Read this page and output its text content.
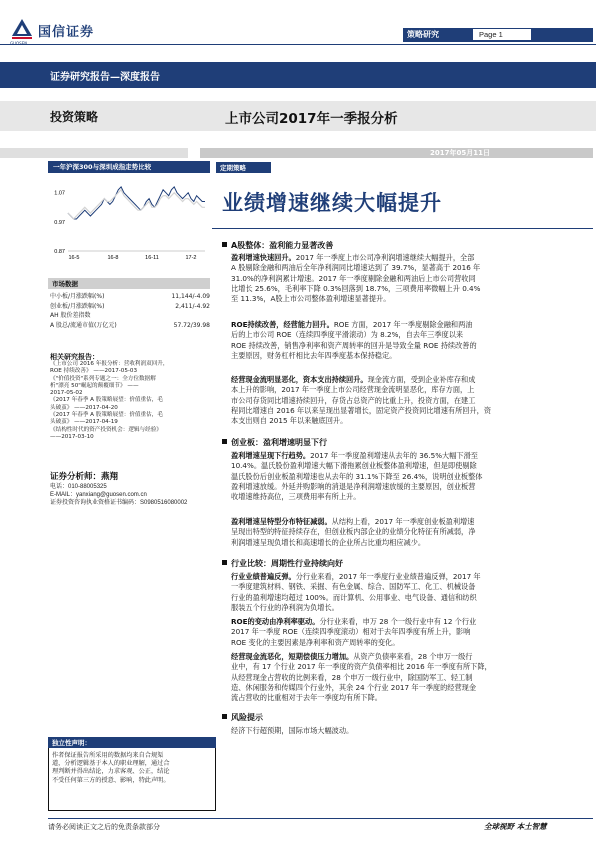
国信证券	策略研究	Page 1
证券研究报告—深度报告
投资策略	上市公司2017年一季报分析
2017年05月11日
一年沪深300与深圳成指走势比较
1.07
0.97
0.87
16-5	16-8	16-11	17-2
市场数据
中小板/月涨跌幅(%)	11,144/-4.09
创业板/月涨跌幅(%)	2,411/-4.92
AH 股价差指数	
A 股总/流通市值(万亿元)	57.72/39.98
相关研究报告：
《上市公司 2016 年报分析：营收利润双回升，
ROE 持续改善》 ——2017-05-03
《"价值投资"系列专题之一：全方位数据解
析"漂亮 50"崛起的颠覆细节》 ——
2017-05-02
《2017 年春季 A 股策略展望：价值重估，毛
头破茧》 ——2017-04-20
《2017 年春季 A 股策略展望：价值重估，毛
头破茧》 ——2017-04-19
《结构性时代的资产投资机会：逻辑与经验》
——2017-03-10
证券分析师：燕翔
电话：010-88005325
E-MAIL：yanxiang@guosen.com.cn
证券投资咨询执业资格证书编码：S0980516080002
独立性声明：
作者保证报告所采用的数据均来自合规渠
道，分析逻辑基于本人的职业理解，通过合
理判断并得出结论，力求客观、公正，结论
不受任何第三方的授意、影响，特此声明。
定期策略
业绩增速继续大幅提升
A股整体：盈利能力显著改善
盈利增速快速回升。2017 年一季度上市公司净利润增速继续大幅提升，全部
A 股剔除金融和两油后全年净利润同比增速达到了 39.7%，显著高于 2016 年
31.0%的净利润累计增速。2017 年一季度剔除金融和两油后上市公司营收同
比增长 25.6%，毛利率下降 0.3%回落到 18.7%，三项费用率微幅上升 0.4%
至 11.3%，A股上市公司整体盈利增速显著提升。
ROE持续改善，经营能力回升。ROE 方面，2017 年一季度剔除金融和两油
后的上市公司 ROE（连续四季度平滑滚动）为 8.2%，自去年三季度以来
ROE 持续改善，销售净利率和资产周转率的回升是导致全量 ROE 持续改善的
主要原因，财务杠杆相比去年四季度基本保持稳定。
经营现金流明显恶化，资本支出持续回升。现金流方面，受到企业补库存和成
本上升的影响，2017 年一季度上市公司经营现金流明显恶化，库存方面，上
市公司存货同比增速持续回升，存货占总资产的比重上升，投资方面，在建工
程同比增速自 2016 年以来呈现出显著增长，固定资产投资同比增速有所回升，资
本支出则自 2015 年以来触底回升。
创业板：盈利增速明显下行
盈利增速呈现下行趋势。2017 年一季度盈利增速从去年的 36.5%大幅下滑至
10.4%。温氏股份盈利增速大幅下滑拖累创业板整体盈利增速，但是即使剔除
温氏股份后创业板盈利增速也从去年的 31.1%下降至 26.4%，说明创业板整体
盈利增速放缓。外延并购影响的消退是净利润增速放缓的主要原因，创业板营
收增速维持高位，三项费用率有所上升。
盈利增速呈特型分布特征减弱。从结构上看，2017 年一季度创业板盈利增速
呈现出特型的特征持续存在，但创业板内部企业的业绩分化特征有所减弱，净
利润增速呈现负增长和高速增长的企业所占比重均相应减少。
行业比较：周期性行业持续向好
行业业绩普遍反弹。分行业来看，2017 年一季度行业业绩普遍反弹，2017 年
一季度建筑材料、钢铁、采掘、有色金属、综合、国防军工、化工、机械设备
行业的盈利增速均超过 100%。而计算机、公用事业、电气设备、通信和纺织
服装五个行业的净利润为负增长。
ROE的变动由净利率驱动。分行业来看，申万 28 个一级行业中有 12 个行业
2017 年一季度 ROE（连续四季度滚动）相对于去年四季度有所上升，影响
ROE 变化的主要因素是净利率和资产周转率的变化。
经营现金流恶化，短期偿债压力增加。从资产负债率来看，28 个申万一级行
业中，有 17 个行业 2017 年一季度的资产负债率相比 2016 年一季度有所下降，
从经营现金占营收的比例来看，28 个申万一级行业中，除国防军工、轻工制
造、休闲服务和传媒四个行业外，其余 24 个行业 2017 年一季度的经营现金
流占营收的比重相对于去年一季度均有所下降。
风险提示
经济下行超预期，国际市场大幅波动。
请务必阅读正文之后的免责条款部分	全球视野 本土智慧
